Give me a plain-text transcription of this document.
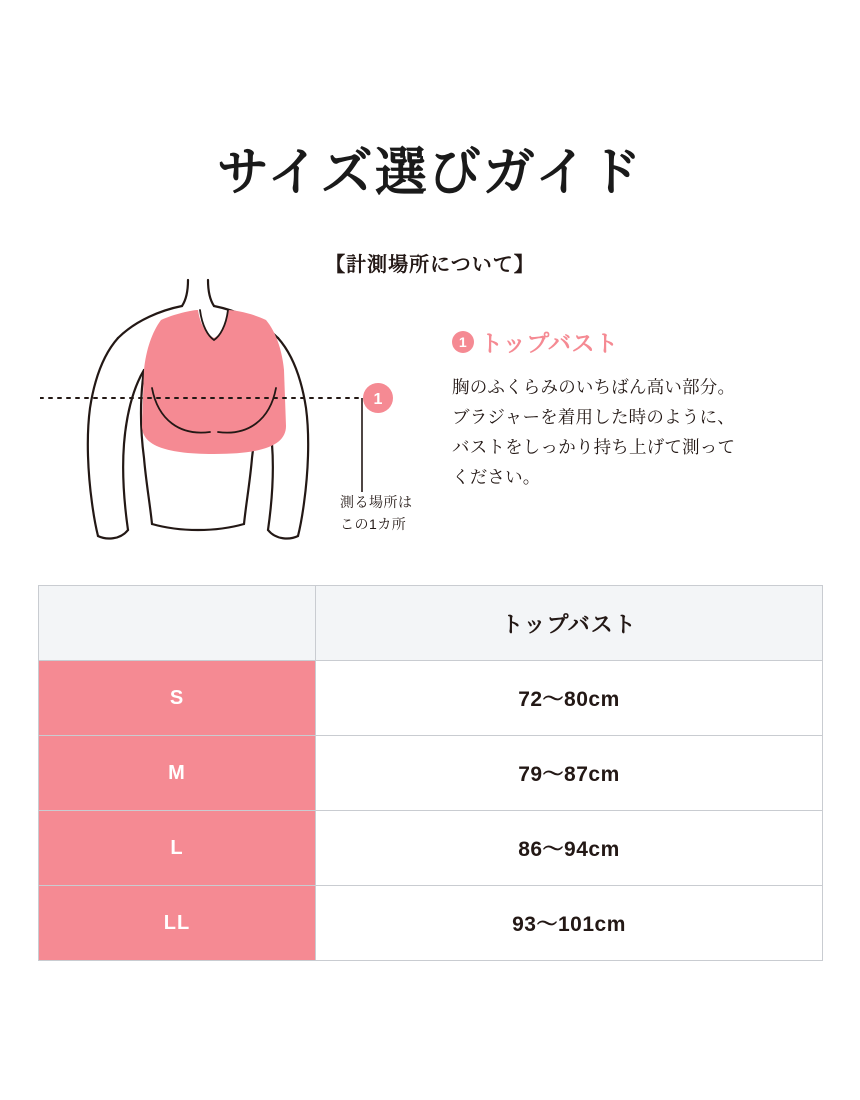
サイズ選びガイド
【計測場所について】
1
測る場所は
この1カ所
1 トップバスト
胸のふくらみのいちばん高い部分。
ブラジャーを着用した時のように、
バストをしっかり持ち上げて測って
ください。
	トップバスト
S	72〜80cm
M	79〜87cm
L	86〜94cm
LL	93〜101cm
